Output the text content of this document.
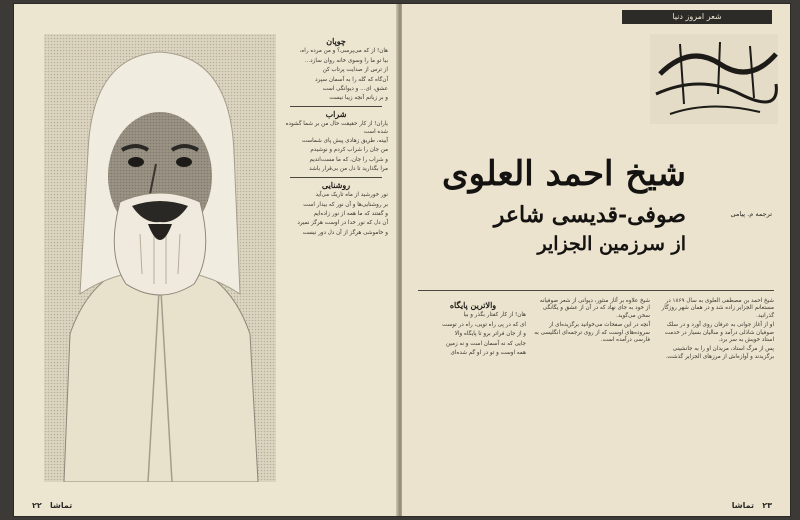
چوپان

هان! از که می‌پرسی؟ و من مرده راه،

بیا تو ما را وسوی خانه روان سازد...

از ترس از صدایت پرتاب کن

آن‌گاه که گله را به آسمان سپرد

عشق، ای... و دیوانگی است

و بر زبانم آنچه زیبا نیست

شراب

یاران! از کار حقیقت حال من بر شما گشوده شده است

آیینه، طریق زهادی پیش پای شماست

من جان را شراب کردم و نوشیدم

و شراب را جان، که ما مست‌اندیم

مرا بگذارید تا دل من بی‌قرار باشد

روشنایی

نور خورشید از ماه تاریک می‌آید

بر روشنایی‌ها و آن نور که بیدار است

و گفتند که ما همه از نور زاده‌ایم

آن دل که نور خدا در اوست هرگز نمیرد

و خاموشی هرگز از آن دل دور نیست

۲۲ تماشا
شعر امروز دنیا
شیخ احمد العلوی
صوفی-قدیسی شاعر
از سرزمین الجزایر
ترجمه م. پیامی
والاترین پایگاه

هان! از کار کفتار بگذر و بیا

ای که در پی راه تویی، راه در توست

و از جان فراتر برو تا پایگاه والا

جایی که نه آسمان است و نه زمین

همه اوست و تو در او گم شده‌ای

شیخ احمد بن مصطفی العلوی به سال ۱۸۶۹ در مستغانم الجزایر زاده شد و در همان شهر روزگار گذرانید.

او از آغاز جوانی به عرفان روی آورد و در سلک صوفیان شاذلی درآمد و سالیان بسیار در خدمت استاد خویش به سر برد.

پس از مرگ استاد، مریدان او را به جانشینی برگزیدند و آوازه‌اش از مرزهای الجزایر گذشت.

شیخ علاوه بر آثار منثور، دیوانی از شعر صوفیانه از خود به جای نهاد که در آن از عشق و یگانگی سخن می‌گوید.

آنچه در این صفحات می‌خوانید برگزیده‌ای از سروده‌های اوست که از روی ترجمه‌ای انگلیسی به فارسی درآمده است.

تماشا ۲۳
